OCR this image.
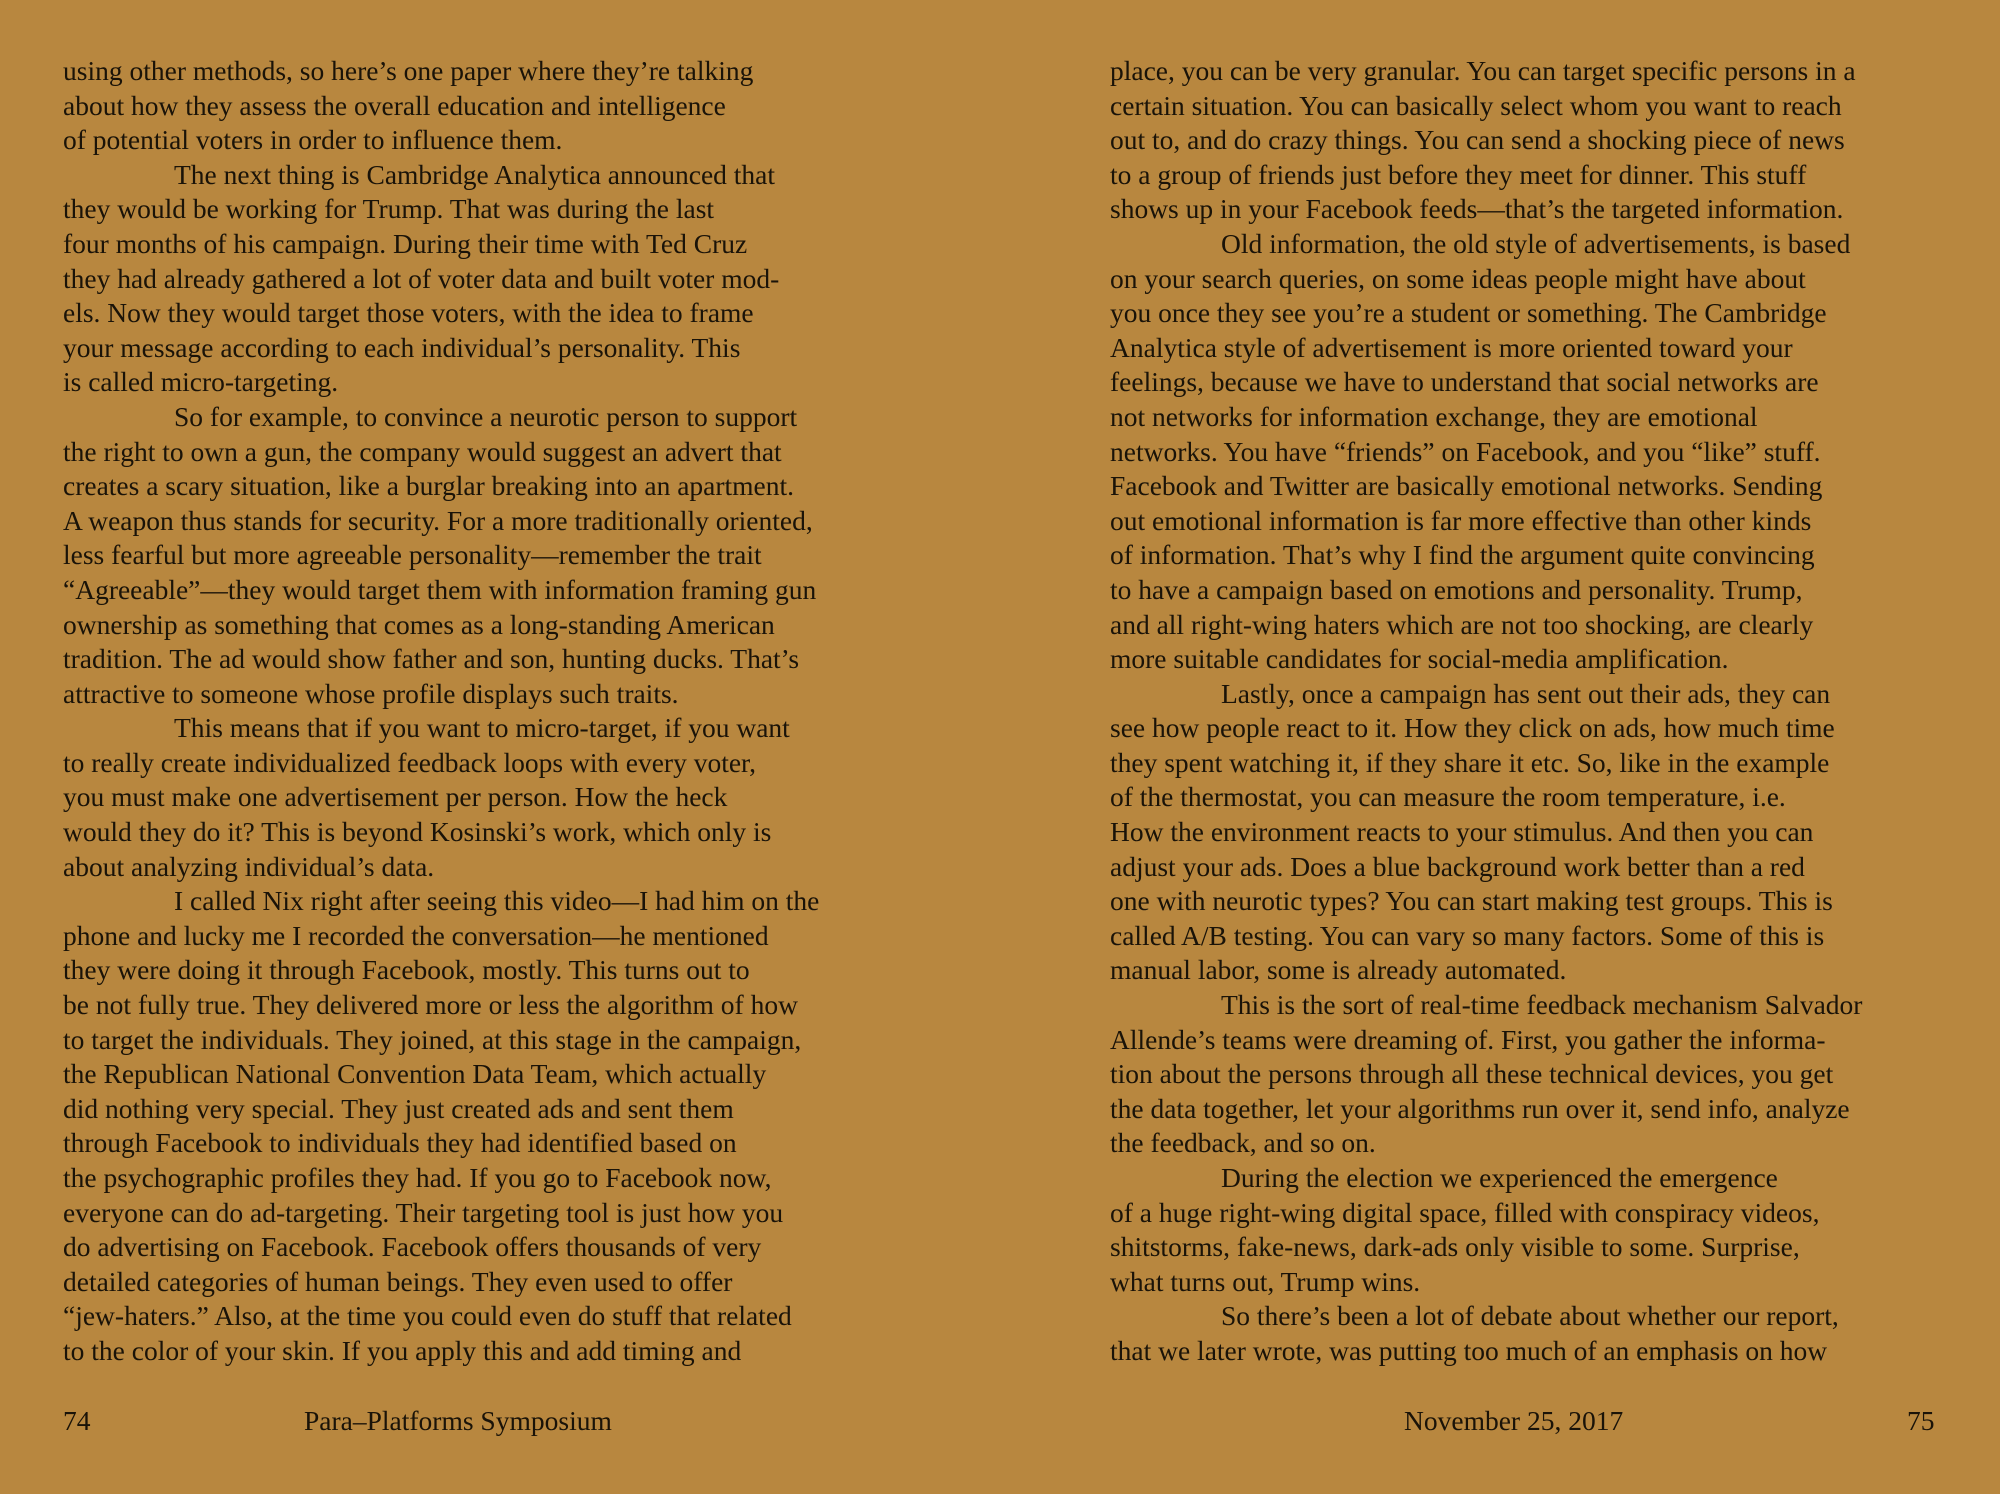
using other methods, so here’s one paper where they’re talking
about how they assess the overall education and intelligence
of potential voters in order to influence them.
The next thing is Cambridge Analytica announced that
they would be working for Trump. That was during the last
four months of his campaign. During their time with Ted Cruz
they had already gathered a lot of voter data and built voter mod-
els. Now they would target those voters, with the idea to frame
your message according to each individual’s personality. This
is called micro-targeting.
So for example, to convince a neurotic person to support
the right to own a gun, the company would suggest an advert that
creates a scary situation, like a burglar breaking into an apartment.
A weapon thus stands for security. For a more traditionally oriented,
less fearful but more agreeable personality—remember the trait
“Agreeable”—they would target them with information framing gun
ownership as something that comes as a long-standing American
tradition. The ad would show father and son, hunting ducks. That’s
attractive to someone whose profile displays such traits.
This means that if you want to micro-target, if you want
to really create individualized feedback loops with every voter,
you must make one advertisement per person. How the heck
would they do it? This is beyond Kosinski’s work, which only is
about analyzing individual’s data.
I called Nix right after seeing this video—I had him on the
phone and lucky me I recorded the conversation—he mentioned
they were doing it through Facebook, mostly. This turns out to
be not fully true. They delivered more or less the algorithm of how
to target the individuals. They joined, at this stage in the campaign,
the Republican National Convention Data Team, which actually
did nothing very special. They just created ads and sent them
through Facebook to individuals they had identified based on
the psychographic profiles they had. If you go to Facebook now,
everyone can do ad-targeting. Their targeting tool is just how you
do advertising on Facebook. Facebook offers thousands of very
detailed categories of human beings. They even used to offer
“jew-haters.” Also, at the time you could even do stuff that related
to the color of your skin. If you apply this and add timing and
place, you can be very granular. You can target specific persons in a
certain situation. You can basically select whom you want to reach
out to, and do crazy things. You can send a shocking piece of news
to a group of friends just before they meet for dinner. This stuff
shows up in your Facebook feeds—that’s the targeted information.
Old information, the old style of advertisements, is based
on your search queries, on some ideas people might have about
you once they see you’re a student or something. The Cambridge
Analytica style of advertisement is more oriented toward your
feelings, because we have to understand that social networks are
not networks for information exchange, they are emotional
networks. You have “friends” on Facebook, and you “like” stuff.
Facebook and Twitter are basically emotional networks. Sending
out emotional information is far more effective than other kinds
of information. That’s why I find the argument quite convincing
to have a campaign based on emotions and personality. Trump,
and all right-wing haters which are not too shocking, are clearly
more suitable candidates for social-media amplification.
Lastly, once a campaign has sent out their ads, they can
see how people react to it. How they click on ads, how much time
they spent watching it, if they share it etc. So, like in the example
of the thermostat, you can measure the room temperature, i.e.
How the environment reacts to your stimulus. And then you can
adjust your ads. Does a blue background work better than a red
one with neurotic types? You can start making test groups. This is
called A/B testing. You can vary so many factors. Some of this is
manual labor, some is already automated.
This is the sort of real-time feedback mechanism Salvador
Allende’s teams were dreaming of. First, you gather the informa-
tion about the persons through all these technical devices, you get
the data together, let your algorithms run over it, send info, analyze
the feedback, and so on.
During the election we experienced the emergence
of a huge right-wing digital space, filled with conspiracy videos,
shitstorms, fake-news, dark-ads only visible to some. Surprise,
what turns out, Trump wins.
So there’s been a lot of debate about whether our report,
that we later wrote, was putting too much of an emphasis on how
74	Para–Platforms Symposium	November 25, 2017	75
